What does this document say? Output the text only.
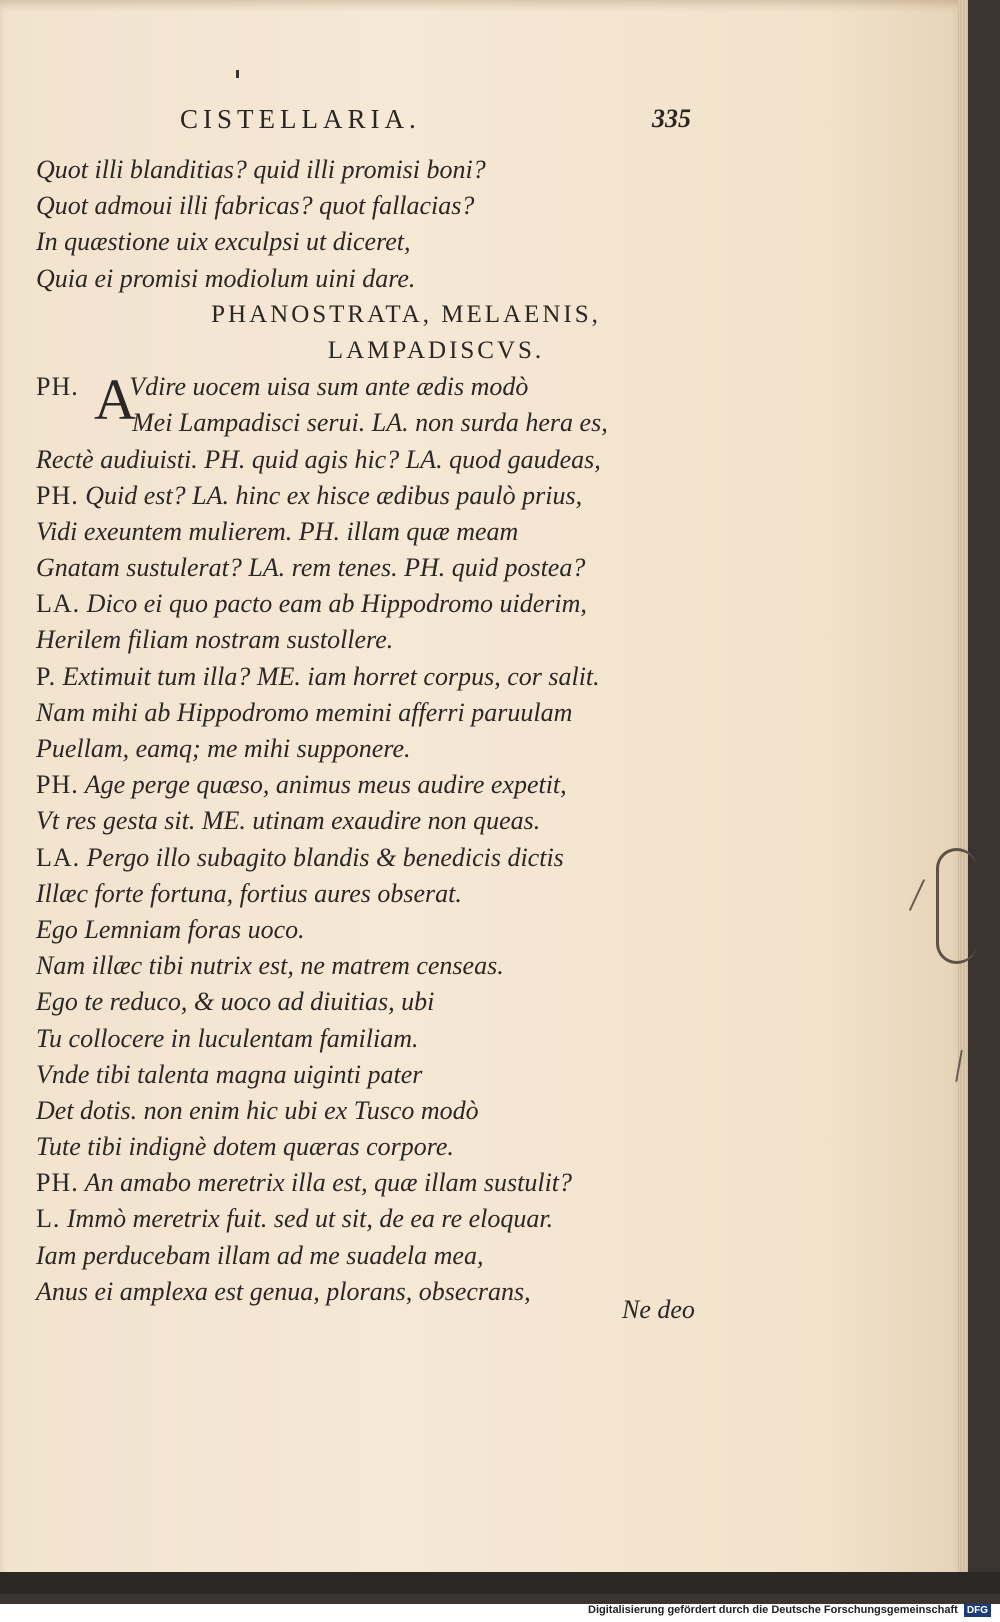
CISTELLARIA.	335
Quot illi blanditias? quid illi promisi boni?
Quot admoui illi fabricas? quot fallacias?
In quæstione uix exculpsi ut diceret,
Quia ei promisi modiolum uini dare.
PHANOSTRATA, MELAENIS,
LAMPADISCVS.
A
PH. Vdire uocem uisa sum ante ædis modò
Mei Lampadisci serui. LA. non surda hera es,
Rectè audiuisti. PH. quid agis hic? LA. quod gaudeas,
PH. Quid est? LA. hinc ex hisce ædibus paulò prius,
Vidi exeuntem mulierem. PH. illam quæ meam
Gnatam sustulerat? LA. rem tenes. PH. quid postea?
LA. Dico ei quo pacto eam ab Hippodromo uiderim,
Herilem filiam nostram sustollere.
P. Extimuit tum illa? ME. iam horret corpus, cor salit.
Nam mihi ab Hippodromo memini afferri paruulam
Puellam, eamq; me mihi supponere.
PH. Age perge quæso, animus meus audire expetit,
Vt res gesta sit. ME. utinam exaudire non queas.
LA. Pergo illo subagito blandis & benedicis dictis
Illæc forte fortuna, fortius aures obserat.
Ego Lemniam foras uoco.
Nam illæc tibi nutrix est, ne matrem censeas.
Ego te reduco, & uoco ad diuitias, ubi
Tu collocere in luculentam familiam.
Vnde tibi talenta magna uiginti pater
Det dotis. non enim hic ubi ex Tusco modò
Tute tibi indignè dotem quæras corpore.
PH. An amabo meretrix illa est, quæ illam sustulit?
L. Immò meretrix fuit. sed ut sit, de ea re eloquar.
Iam perducebam illam ad me suadela mea,
Anus ei amplexa est genua, plorans, obsecrans,
Ne deo
Digitalisierung gefördert durch die Deutsche Forschungsgemeinschaft DFG
